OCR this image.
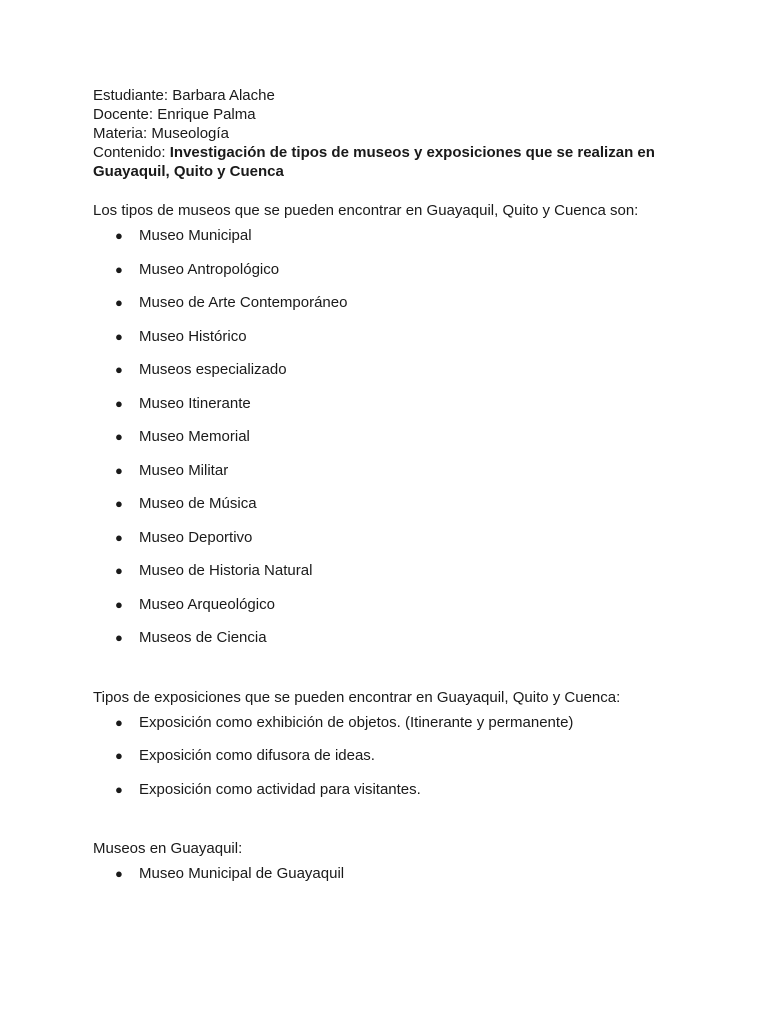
Estudiante: Barbara Alache

Docente: Enrique Palma

Materia: Museología

Contenido: Investigación de tipos de museos y exposiciones que se realizan en

Guayaquil, Quito y Cuenca

Los tipos de museos que se pueden encontrar en Guayaquil, Quito y Cuenca son:

● Museo Municipal
● Museo Antropológico
● Museo de Arte Contemporáneo
● Museo Histórico
● Museos especializado
● Museo Itinerante
● Museo Memorial
● Museo Militar
● Museo de Música
● Museo Deportivo
● Museo de Historia Natural
● Museo Arqueológico
● Museos de Ciencia

Tipos de exposiciones que se pueden encontrar en Guayaquil, Quito y Cuenca:

● Exposición como exhibición de objetos. (Itinerante y permanente)
● Exposición como difusora de ideas.
● Exposición como actividad para visitantes.

Museos en Guayaquil:

● Museo Municipal de Guayaquil
